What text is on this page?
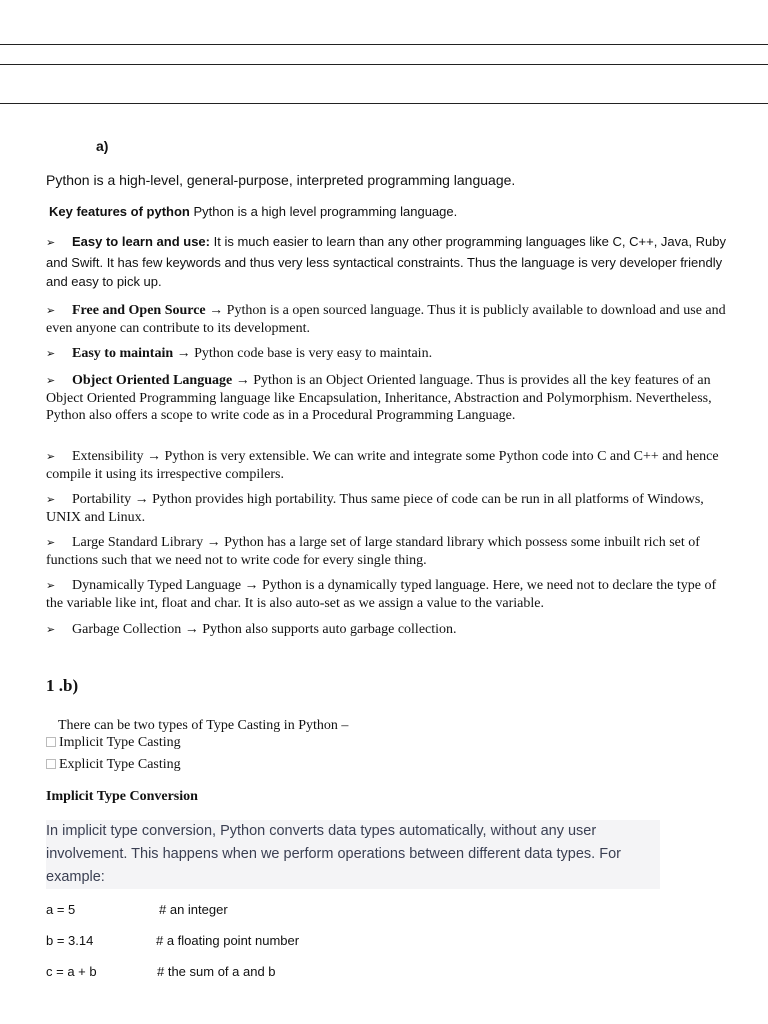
a)
Python is a high-level, general-purpose, interpreted programming language.
Key features of python Python is a high level programming language.
➢ Easy to learn and use: It is much easier to learn than any other programming languages like C, C++, Java, Ruby and Swift. It has few keywords and thus very less syntactical constraints. Thus the language is very developer friendly and easy to pick up.
➢ Free and Open Source → Python is a open sourced language. Thus it is publicly available to download and use and even anyone can contribute to its development.
➢ Easy to maintain → Python code base is very easy to maintain.
➢ Object Oriented Language → Python is an Object Oriented language. Thus is provides all the key features of an Object Oriented Programming language like Encapsulation, Inheritance, Abstraction and Polymorphism. Nevertheless, Python also offers a scope to write code as in a Procedural Programming Language.
➢ Extensibility → Python is very extensible. We can write and integrate some Python code into C and C++ and hence compile it using its irrespective compilers.
➢ Portability → Python provides high portability. Thus same piece of code can be run in all platforms of Windows, UNIX and Linux.
➢ Large Standard Library → Python has a large set of large standard library which possess some inbuilt rich set of functions such that we need not to write code for every single thing.
➢ Dynamically Typed Language → Python is a dynamically typed language. Here, we need not to declare the type of the variable like int, float and char. It is also auto-set as we assign a value to the variable.
➢ Garbage Collection → Python also supports auto garbage collection.
1 .b)
There can be two types of Type Casting in Python –
Implicit Type Casting
Explicit Type Casting
Implicit Type Conversion
In implicit type conversion, Python converts data types automatically, without any user involvement. This happens when we perform operations between different data types. For example:
a = 5	# an integer
b = 3.14	# a floating point number
c = a + b	# the sum of a and b
